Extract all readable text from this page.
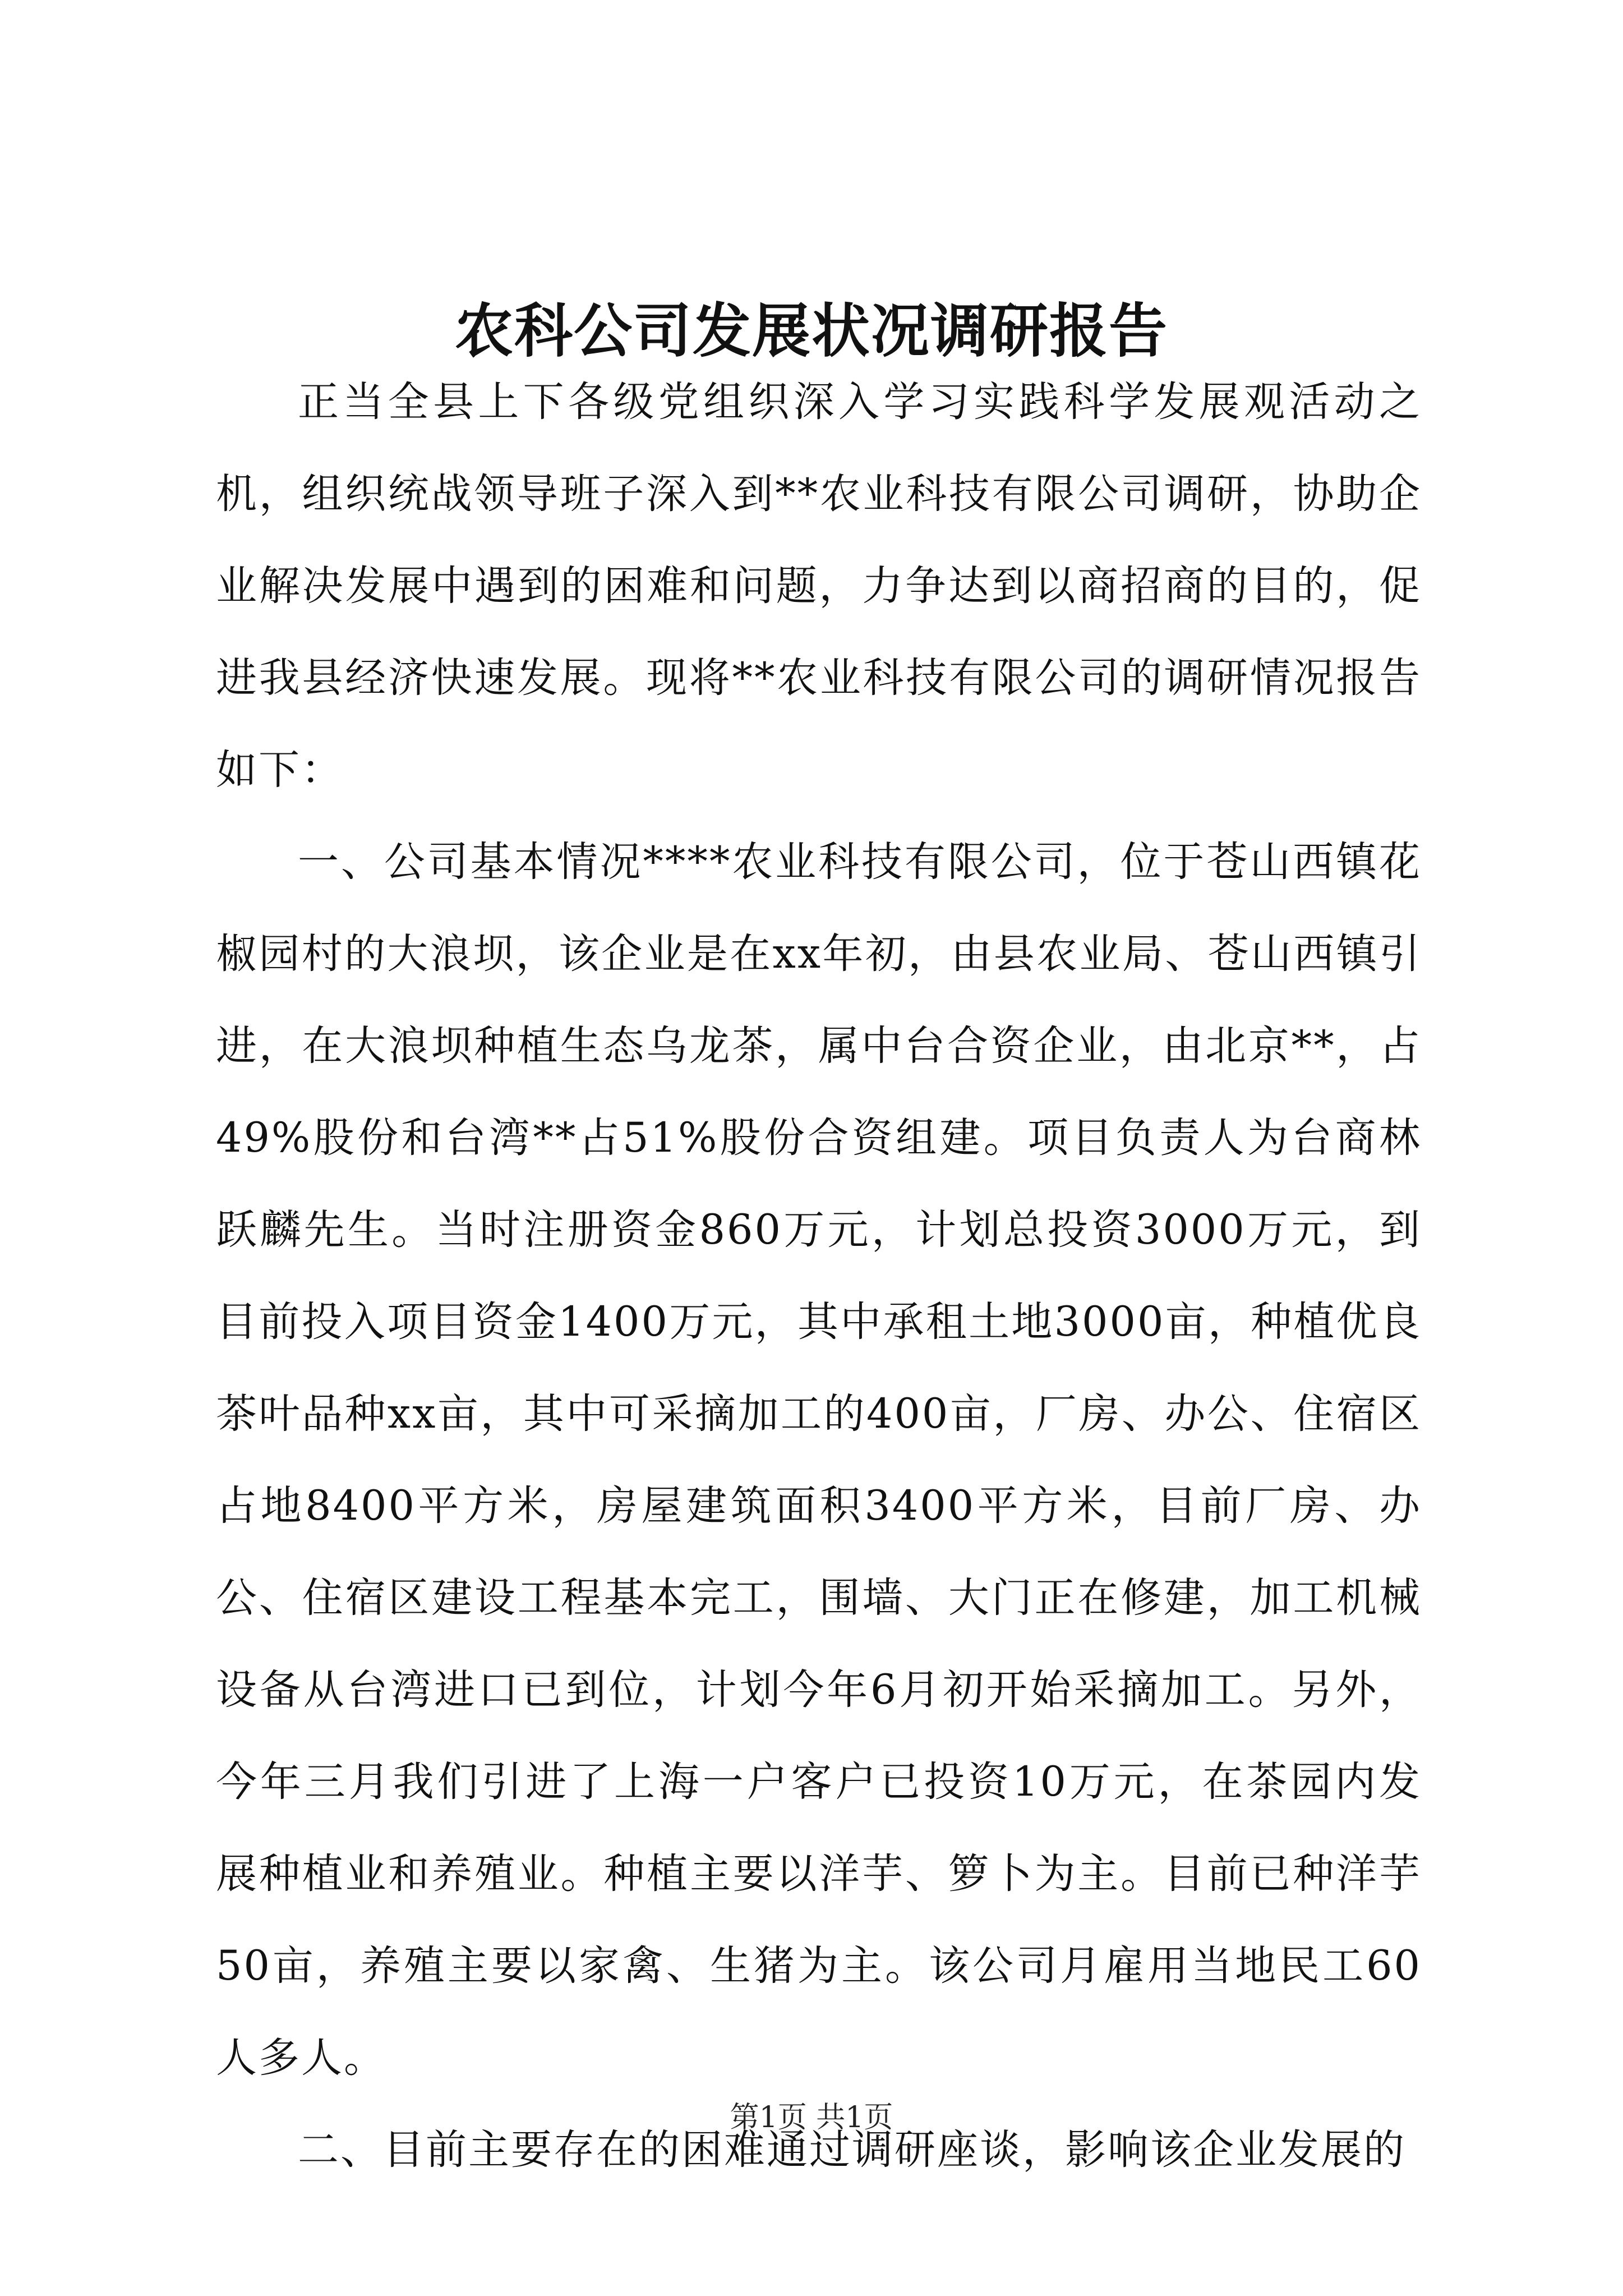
农科公司发展状况调研报告

正当全县上下各级党组织深入学习实践科学发展观活动之机，组织统战领导班子深入到**农业科技有限公司调研，协助企业解决发展中遇到的困难和问题，力争达到以商招商的目的，促进我县经济快速发展。现将**农业科技有限公司的调研情况报告如下：

一、公司基本情况****农业科技有限公司，位于苍山西镇花椒园村的大浪坝，该企业是在xx年初，由县农业局、苍山西镇引进，在大浪坝种植生态乌龙茶，属中台合资企业，由北京**，占49%股份和台湾**占51%股份合资组建。项目负责人为台商林跃麟先生。当时注册资金860万元，计划总投资3000万元，到目前投入项目资金1400万元，其中承租土地3000亩，种植优良茶叶品种xx亩，其中可采摘加工的400亩，厂房、办公、住宿区占地8400平方米，房屋建筑面积3400平方米，目前厂房、办公、住宿区建设工程基本完工，围墙、大门正在修建，加工机械设备从台湾进口已到位，计划今年6月初开始采摘加工。另外，今年三月我们引进了上海一户客户已投资10万元，在茶园内发展种植业和养殖业。种植主要以洋芋、箩卜为主。目前已种洋芋50亩，养殖主要以家禽、生猪为主。该公司月雇用当地民工60人多人。

二、目前主要存在的困难通过调研座谈，影响该企业发展的

第1页 共1页
